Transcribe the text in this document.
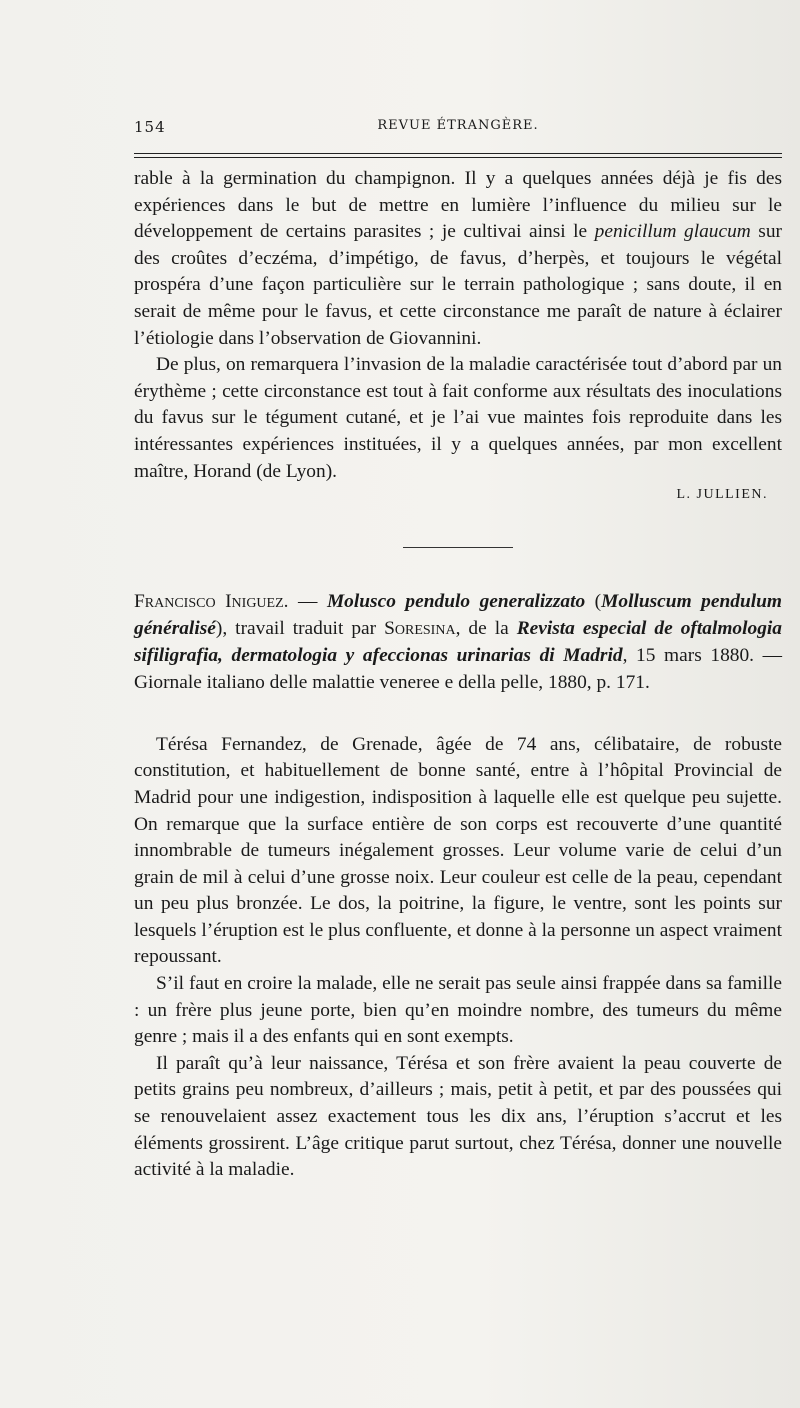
154	REVUE ÉTRANGÈRE.

rable à la germination du champignon. Il y a quelques années déjà je fis des expériences dans le but de mettre en lumière l’influence du milieu sur le développement de certains parasites ; je cultivai ainsi le penicillum glaucum sur des croûtes d’eczéma, d’impétigo, de favus, d’herpès, et toujours le végétal prospéra d’une façon particulière sur le terrain pathologique ; sans doute, il en serait de même pour le favus, et cette circonstance me paraît de nature à éclairer l’étiologie dans l’observation de Giovannini.

De plus, on remarquera l’invasion de la maladie caractérisée tout d’abord par un érythème ; cette circonstance est tout à fait conforme aux résultats des inoculations du favus sur le tégument cutané, et je l’ai vue maintes fois reproduite dans les intéressantes expériences instituées, il y a quelques années, par mon excellent maître, Horand (de Lyon).

L. JULLIEN.

Francisco Iniguez. — Molusco pendulo generalizzato (Molluscum pendulum généralisé), travail traduit par Soresina, de la Revista especial de oftalmologia sifiligrafia, dermatologia y afeccionas urinarias di Madrid, 15 mars 1880. — Giornale italiano delle malattie veneree e della pelle, 1880, p. 171.

Térésa Fernandez, de Grenade, âgée de 74 ans, célibataire, de robuste constitution, et habituellement de bonne santé, entre à l’hôpital Provincial de Madrid pour une indigestion, indisposition à laquelle elle est quelque peu sujette. On remarque que la surface entière de son corps est recouverte d’une quantité innombrable de tumeurs inégalement grosses. Leur volume varie de celui d’un grain de mil à celui d’une grosse noix. Leur couleur est celle de la peau, cependant un peu plus bronzée. Le dos, la poitrine, la figure, le ventre, sont les points sur lesquels l’éruption est le plus confluente, et donne à la personne un aspect vraiment repoussant.

S’il faut en croire la malade, elle ne serait pas seule ainsi frappée dans sa famille : un frère plus jeune porte, bien qu’en moindre nombre, des tumeurs du même genre ; mais il a des enfants qui en sont exempts.

Il paraît qu’à leur naissance, Térésa et son frère avaient la peau couverte de petits grains peu nombreux, d’ailleurs ; mais, petit à petit, et par des poussées qui se renouvelaient assez exactement tous les dix ans, l’éruption s’accrut et les éléments grossirent. L’âge critique parut surtout, chez Térésa, donner une nouvelle activité à la maladie.
